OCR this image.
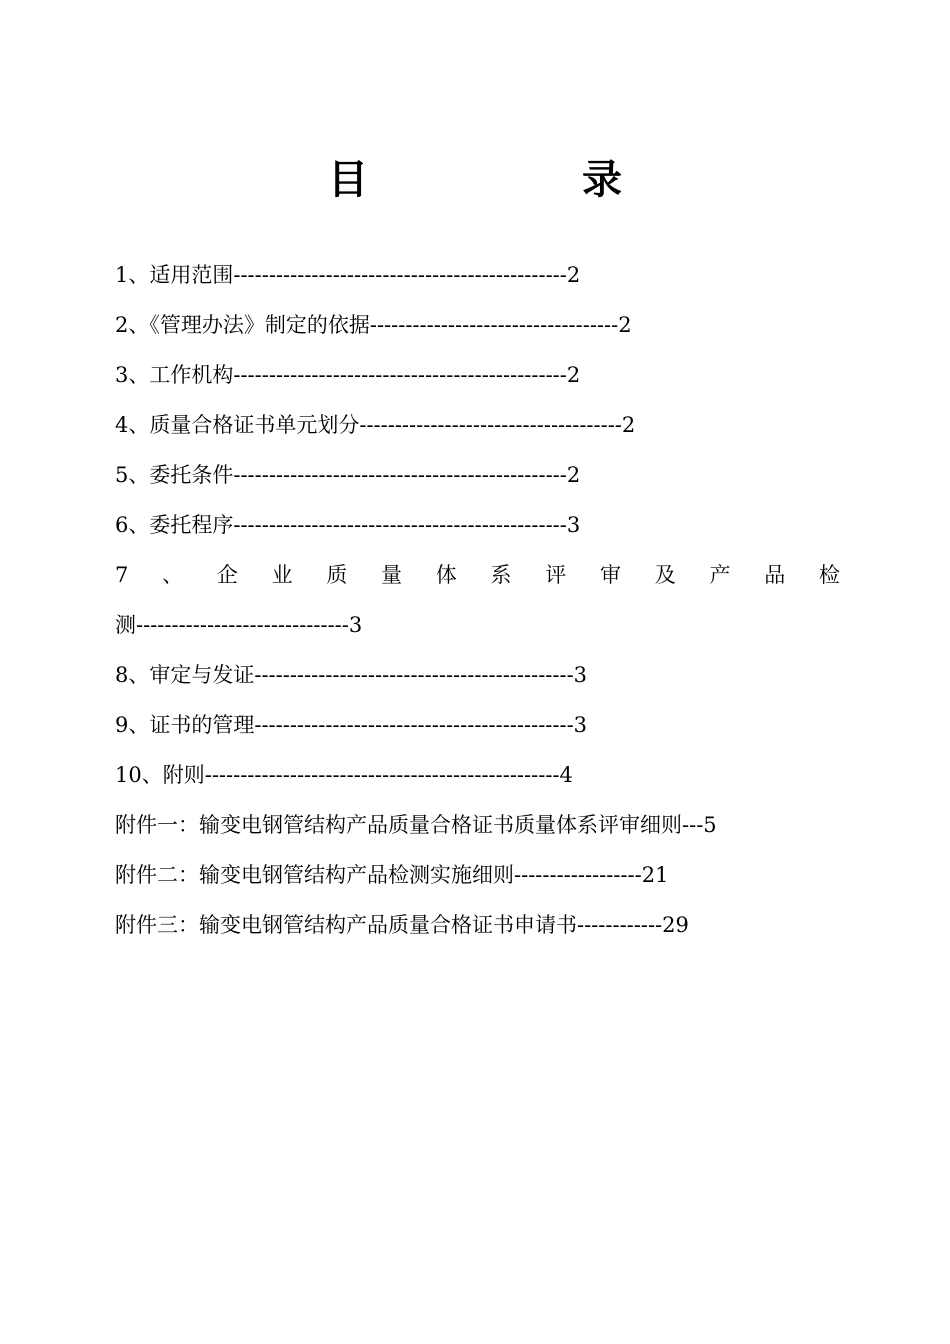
目 录
1、适用范围-----------------------------------------------2
2、《管理办法》制定的依据-----------------------------------2
3、工作机构-----------------------------------------------2
4、质量合格证书单元划分-------------------------------------2
5、委托条件-----------------------------------------------2
6、委托程序-----------------------------------------------3
7 、 企 业 质 量 体 系 评 审 及 产 品 检
测------------------------------3
8、审定与发证---------------------------------------------3
9、证书的管理---------------------------------------------3
10、附则--------------------------------------------------4
附件一：输变电钢管结构产品质量合格证书质量体系评审细则---5
附件二：输变电钢管结构产品检测实施细则------------------21
附件三：输变电钢管结构产品质量合格证书申请书------------29
